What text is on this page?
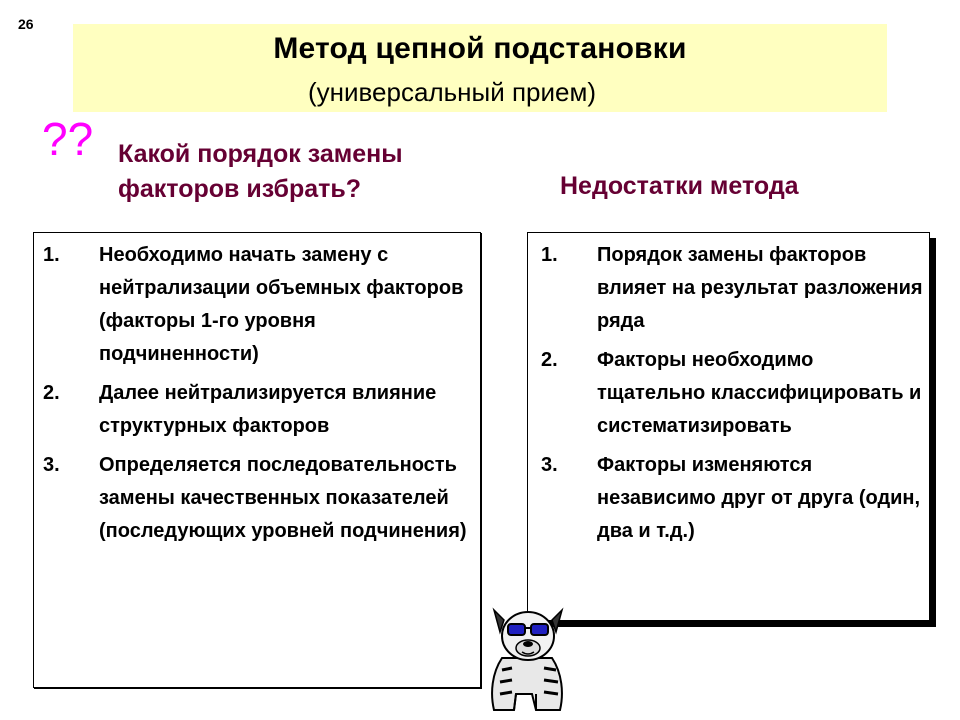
26
Метод цепной подстановки
(универсальный прием)
?? Какой порядок замены факторов избрать?	Недостатки метода
1.	Необходимо начать замену с нейтрализации объемных факторов (факторы 1-го уровня подчиненности)
2.	Далее нейтрализируется влияние структурных факторов
3.	Определяется последовательность замены качественных показателей (последующих уровней подчинения)
1.	Порядок замены факторов влияет на результат разложения ряда
2.	Факторы необходимо тщательно классифицировать и систематизировать
3.	Факторы изменяются независимо друг от друга (один, два и т.д.)
